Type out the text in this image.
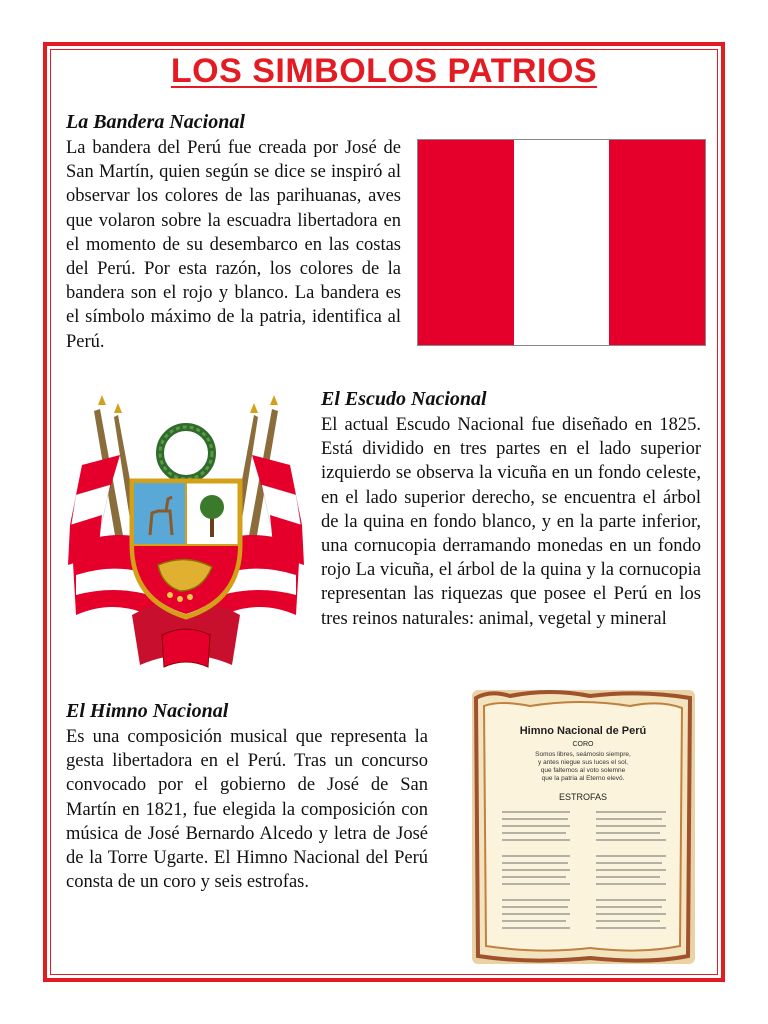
LOS SIMBOLOS PATRIOS
La Bandera Nacional

La bandera del Perú fue creada por José de San Martín, quien según se dice se inspiró al observar los colores de las parihuanas, aves que volaron sobre la escuadra libertadora en el momento de su desembarco en las costas del Perú. Por esta razón, los colores de la bandera son el rojo y blanco. La bandera es el símbolo máximo de la patria, identifica al Perú.

El Escudo Nacional

El actual Escudo Nacional fue diseñado en 1825. Está dividido en tres partes en el lado superior izquierdo se observa la vicuña en un fondo celeste, en el lado superior derecho, se encuentra el árbol de la quina en fondo blanco, y en la parte inferior, una cornucopia derramando monedas en un fondo rojo La vicuña, el árbol de la quina y la cornucopia representan las riquezas que posee el Perú en los tres reinos naturales: animal, vegetal y mineral

El Himno Nacional

Es una composición musical que representa la gesta libertadora en el Perú. Tras un concurso convocado por el gobierno de José de San Martín en 1821, fue elegida la composición con música de José Bernardo Alcedo y letra de José de la Torre Ugarte. El Himno Nacional del Perú consta de un coro y seis estrofas.

Himno Nacional de Perú
CORO
Somos libres, seámoslo siempre,
y antes niegue sus luces el sol,
que faltemos al voto solemne
que la patria al Eterno elevó.
ESTROFAS
